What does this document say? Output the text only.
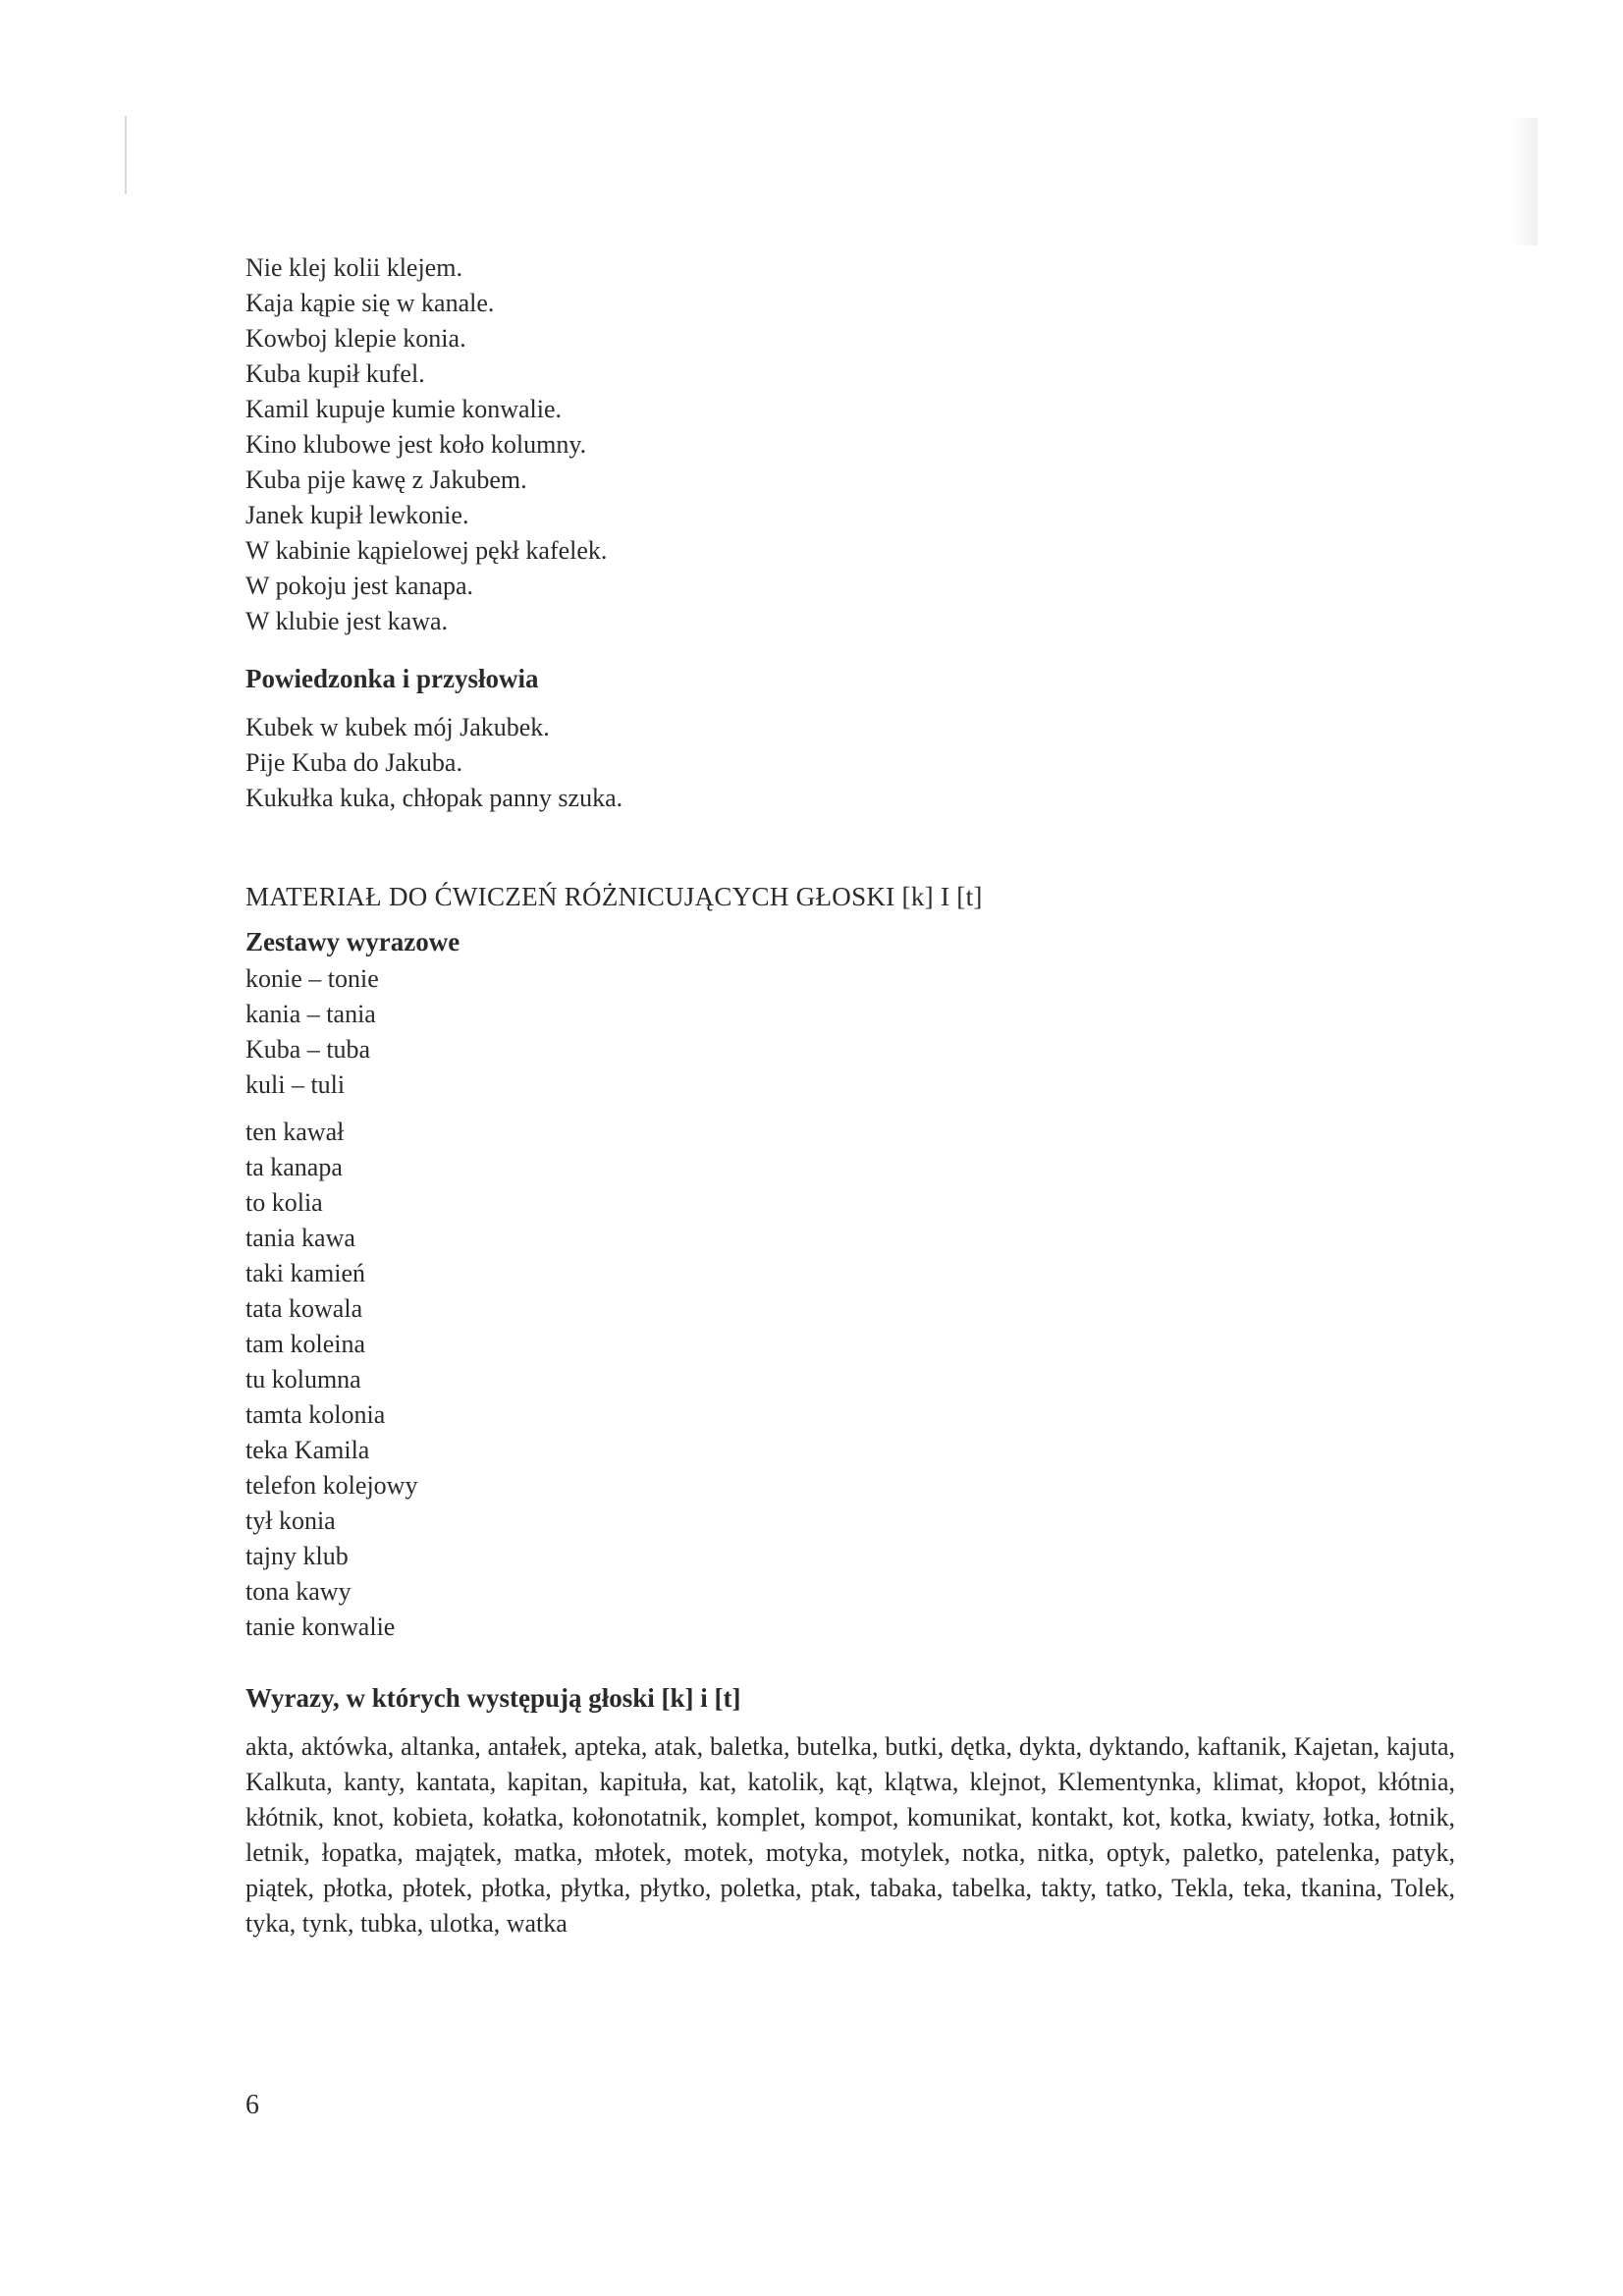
Nie klej kolii klejem.
Kaja kąpie się w kanale.
Kowboj klepie konia.
Kuba kupił kufel.
Kamil kupuje kumie konwalie.
Kino klubowe jest koło kolumny.
Kuba pije kawę z Jakubem.
Janek kupił lewkonie.
W kabinie kąpielowej pękł kafelek.
W pokoju jest kanapa.
W klubie jest kawa.
Powiedzonka i przysłowia
Kubek w kubek mój Jakubek.
Pije Kuba do Jakuba.
Kukułka kuka, chłopak panny szuka.
MATERIAŁ DO ĆWICZEŃ RÓŻNICUJĄCYCH GŁOSKI [k] I [t]
Zestawy wyrazowe
konie – tonie
kania – tania
Kuba – tuba
kuli – tuli
ten kawał
ta kanapa
to kolia
tania kawa
taki kamień
tata kowala
tam koleina
tu kolumna
tamta kolonia
teka Kamila
telefon kolejowy
tył konia
tajny klub
tona kawy
tanie konwalie
Wyrazy, w których występują głoski [k] i [t]
akta, aktówka, altanka, antałek, apteka, atak, baletka, butelka, butki, dętka, dykta, dyktando, kaftanik, Kajetan, kajuta, Kalkuta, kanty, kantata, kapitan, kapituła, kat, katolik, kąt, klątwa, klejnot, Klementynka, klimat, kłopot, kłótnia, kłótnik, knot, kobieta, kołatka, kołonotatnik, komplet, kompot, komunikat, kontakt, kot, kotka, kwiaty, łotka, łotnik, letnik, łopatka, majątek, matka, młotek, motek, motyka, motylek, notka, nitka, optyk, paletko, patelenka, patyk, piątek, płotka, płotek, płotka, płytka, płytko, poletka, ptak, tabaka, tabelka, takty, tatko, Tekla, teka, tkanina, Tolek, tyka, tynk, tubka, ulotka, watka
6
